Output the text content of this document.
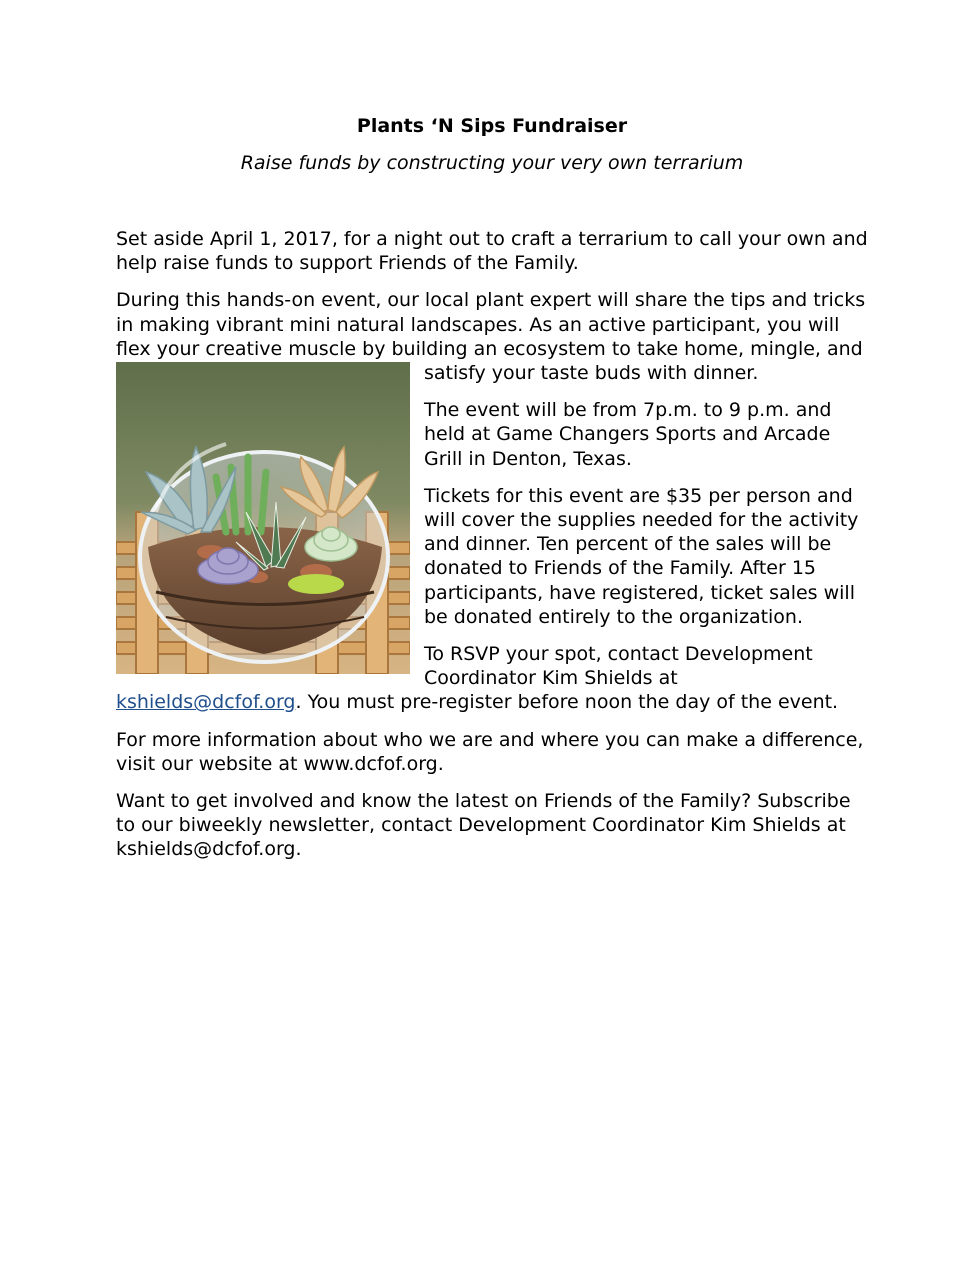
Plants ‘N Sips Fundraiser
Raise funds by constructing your very own terrarium

Set aside April 1, 2017, for a night out to craft a terrarium to call your own and help raise funds to support Friends of the Family.

During this hands-on event, our local plant expert will share the tips and tricks in making vibrant mini natural landscapes. As an active participant, you will flex your creative muscle by building an ecosystem to take home,
mingle, and satisfy your taste buds with dinner.

The event will be from 7p.m. to 9 p.m. and held at Game Changers Sports and Arcade Grill in Denton, Texas.

Tickets for this event are $35 per person and will cover the supplies needed for the activity and dinner. Ten percent of the sales will be donated to Friends of the Family. After 15 participants, have registered, ticket sales will be donated entirely to the organization.

To RSVP your spot, contact Development Coordinator Kim Shields at kshields@dcfof.org. You must pre-register before noon the day of the event.

For more information about who we are and where you can make a difference, visit our website at www.dcfof.org.

Want to get involved and know the latest on Friends of the Family? Subscribe to our biweekly newsletter, contact Development Coordinator Kim Shields at kshields@dcfof.org.
